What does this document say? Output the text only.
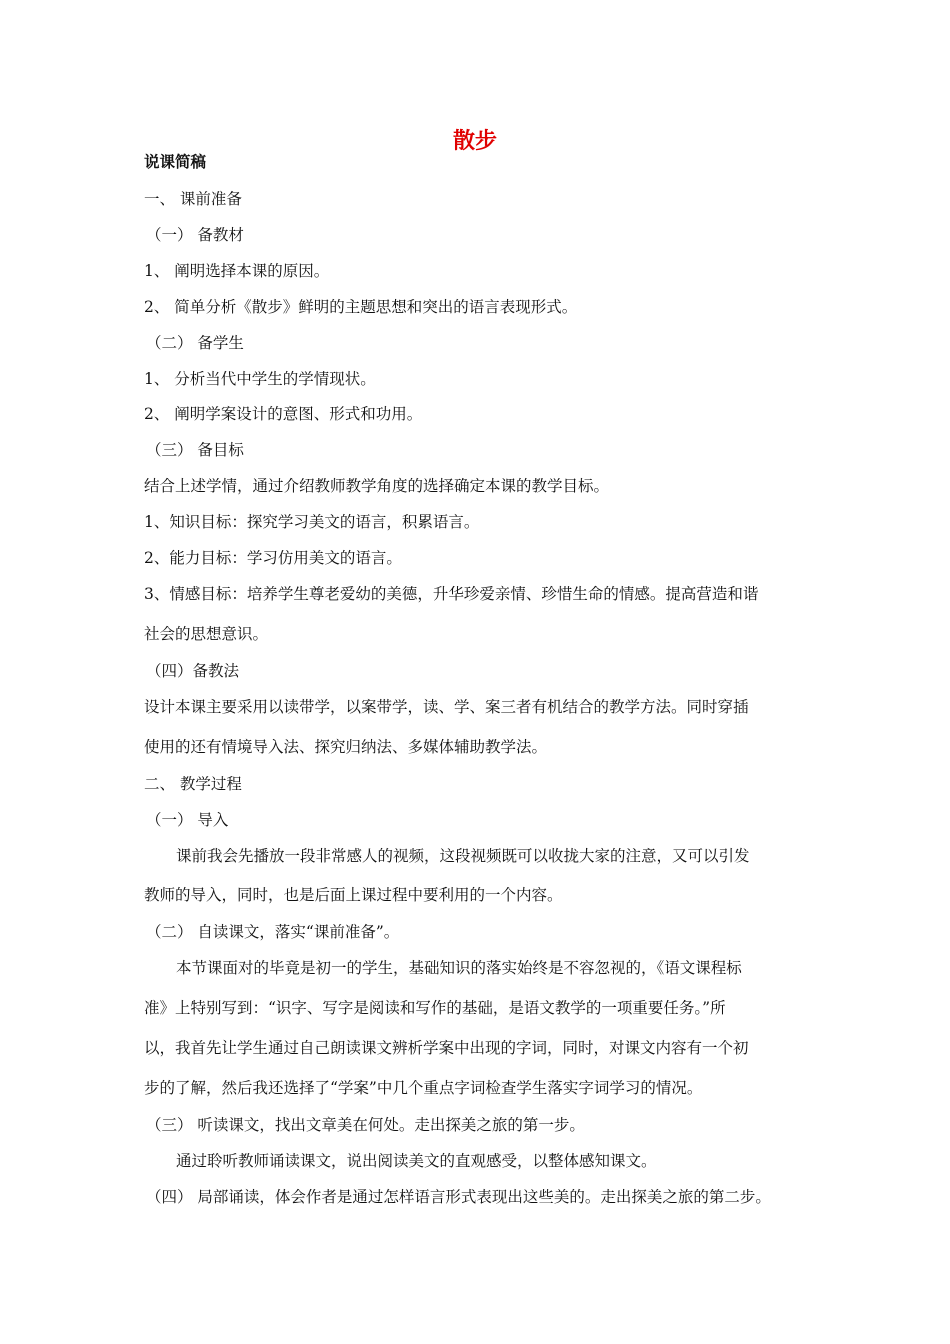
散步
说课简稿
一、 课前准备
（一） 备教材
1、 阐明选择本课的原因。
2、 简单分析《散步》鲜明的主题思想和突出的语言表现形式。
（二） 备学生
1、 分析当代中学生的学情现状。
2、 阐明学案设计的意图、形式和功用。
（三） 备目标
结合上述学情，通过介绍教师教学角度的选择确定本课的教学目标。
1、知识目标：探究学习美文的语言，积累语言。
2、能力目标：学习仿用美文的语言。
3、情感目标：培养学生尊老爱幼的美德，升华珍爱亲情、珍惜生命的情感。提高营造和谐
社会的思想意识。
（四）备教法
设计本课主要采用以读带学，以案带学，读、学、案三者有机结合的教学方法。同时穿插
使用的还有情境导入法、探究归纳法、多媒体辅助教学法。
二、 教学过程
（一） 导入
课前我会先播放一段非常感人的视频，这段视频既可以收拢大家的注意，又可以引发
教师的导入，同时，也是后面上课过程中要利用的一个内容。
（二） 自读课文，落实“课前准备”。
本节课面对的毕竟是初一的学生，基础知识的落实始终是不容忽视的，《语文课程标
准》上特别写到：“识字、写字是阅读和写作的基础，是语文教学的一项重要任务。”所
以，我首先让学生通过自己朗读课文辨析学案中出现的字词，同时，对课文内容有一个初
步的了解，然后我还选择了“学案”中几个重点字词检查学生落实字词学习的情况。
（三） 听读课文，找出文章美在何处。走出探美之旅的第一步。
通过聆听教师诵读课文，说出阅读美文的直观感受，以整体感知课文。
（四） 局部诵读，体会作者是通过怎样语言形式表现出这些美的。走出探美之旅的第二步。
